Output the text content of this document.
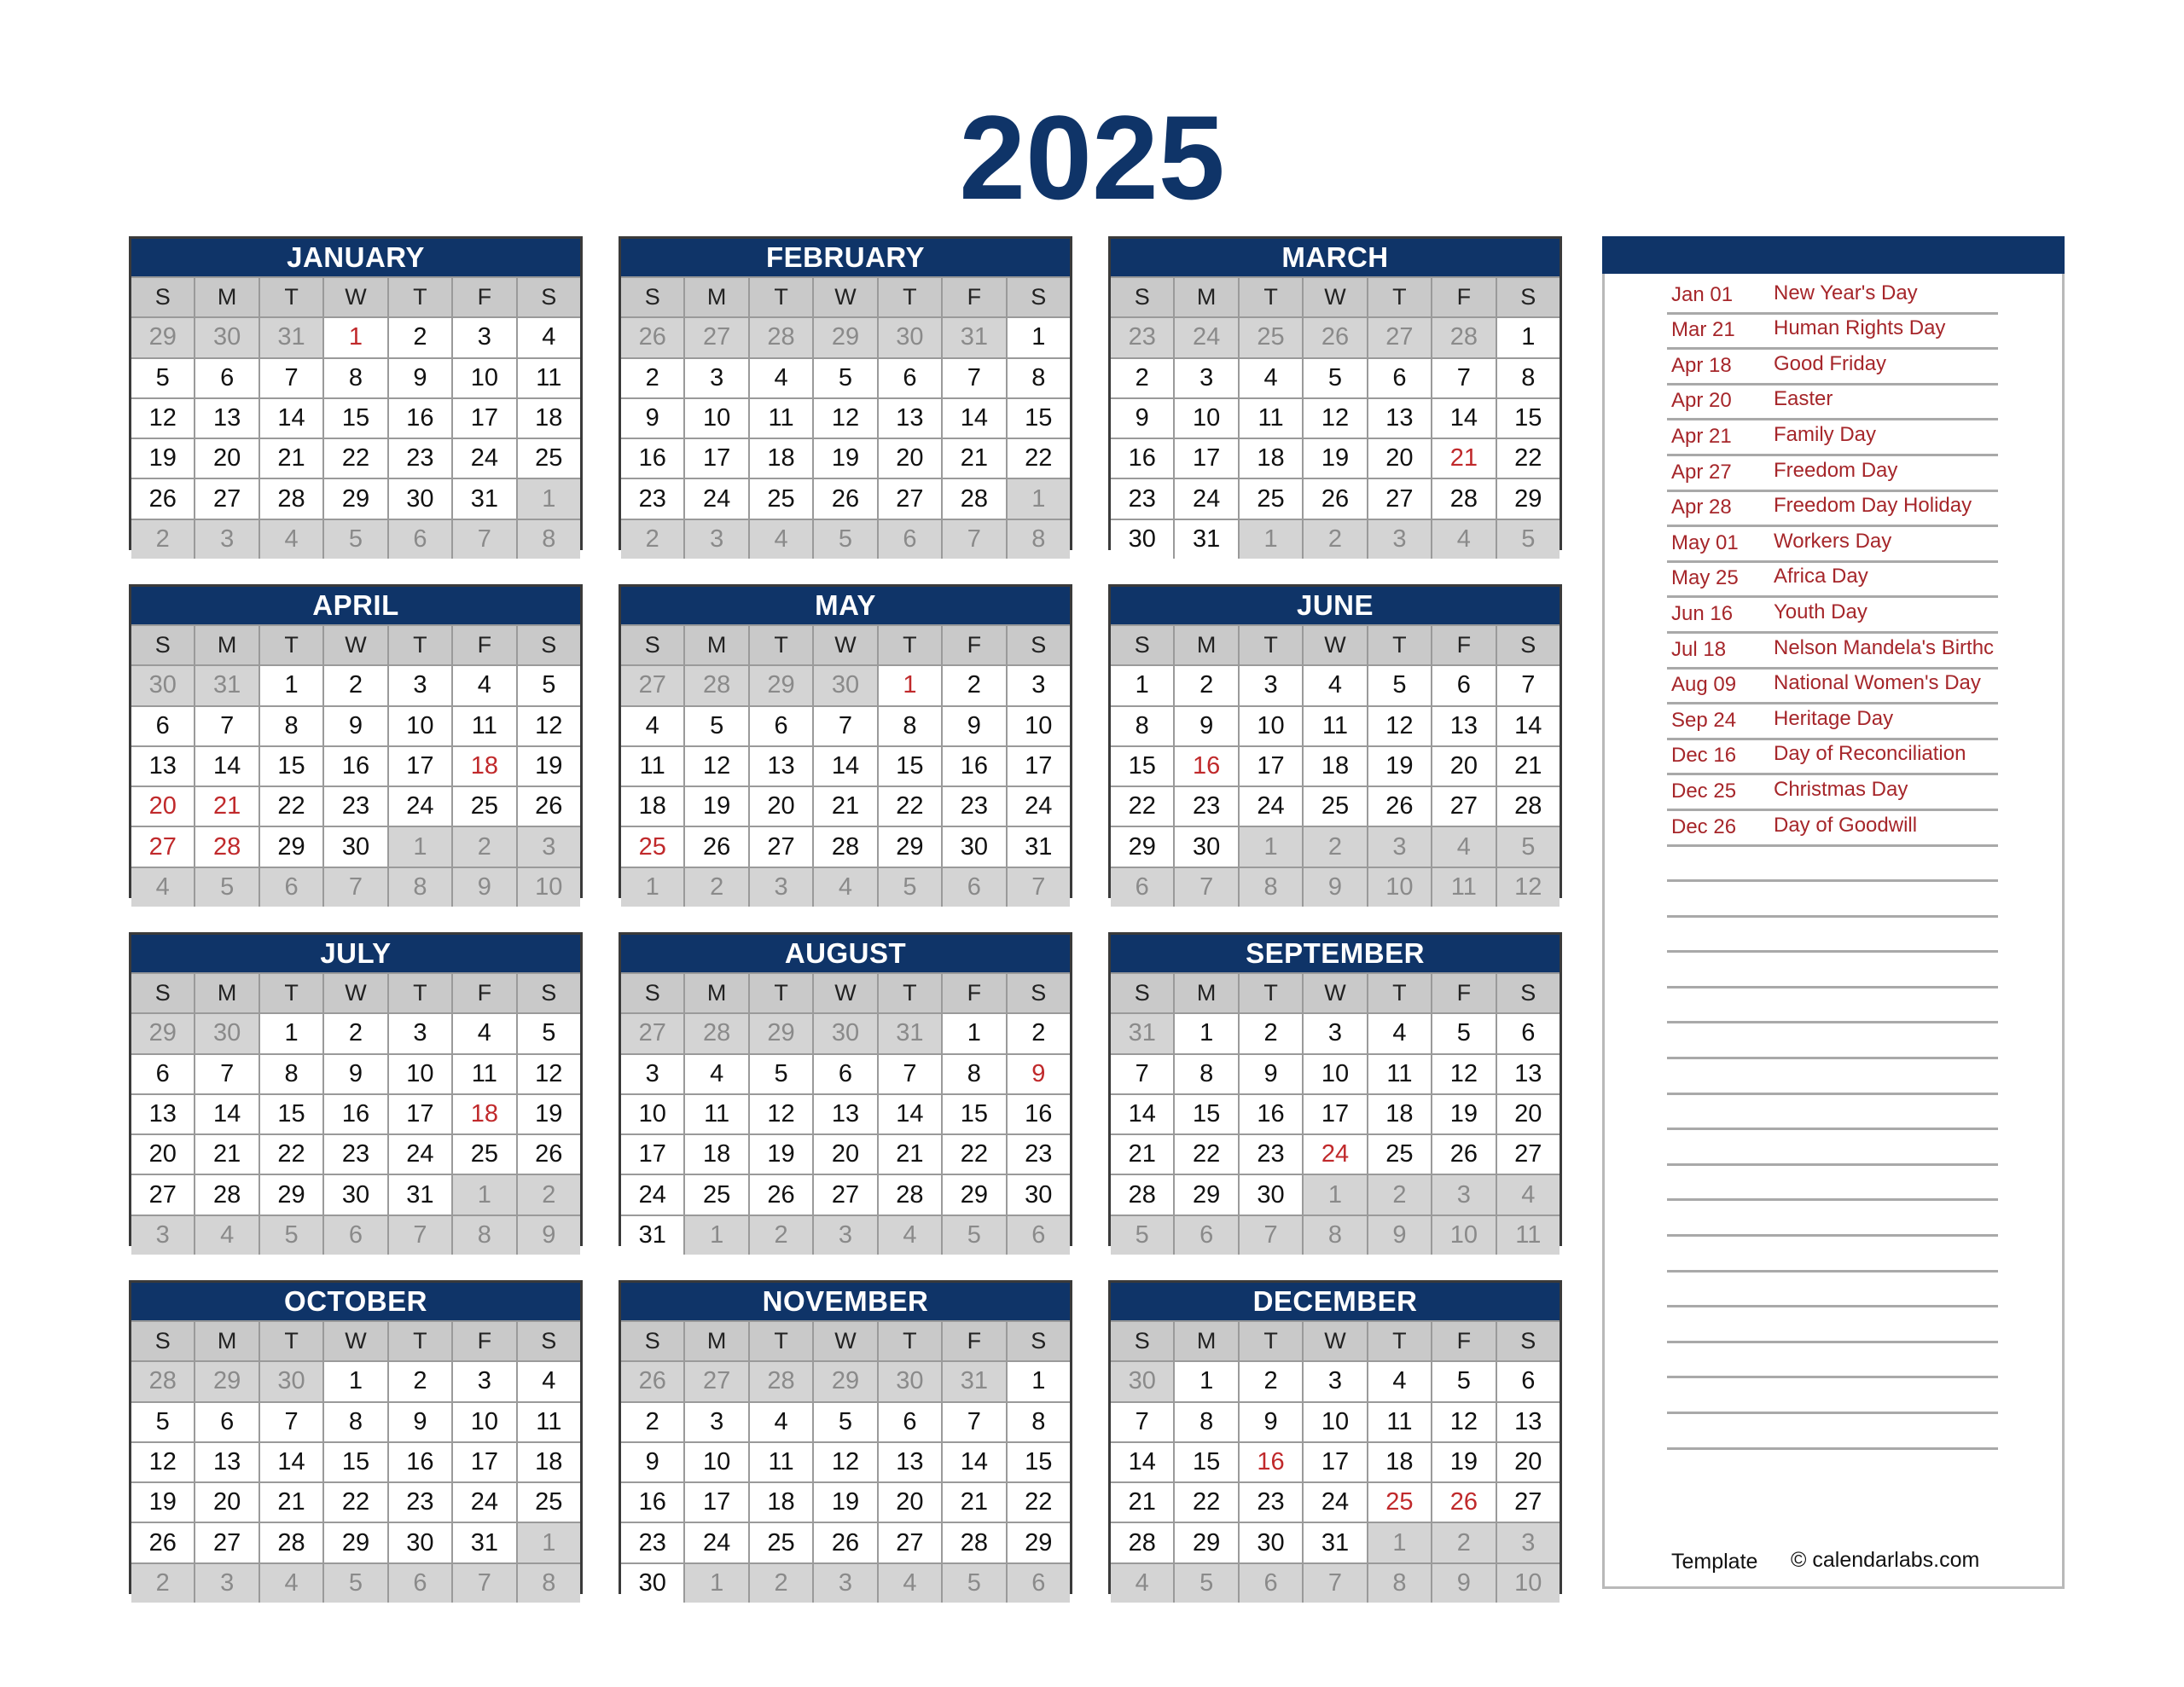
2025
JANUARY
S	M	T	W	T	F	S
29	30	31	1	2	3	4
5	6	7	8	9	10	11
12	13	14	15	16	17	18
19	20	21	22	23	24	25
26	27	28	29	30	31	1
2	3	4	5	6	7	8
FEBRUARY
S	M	T	W	T	F	S
26	27	28	29	30	31	1
2	3	4	5	6	7	8
9	10	11	12	13	14	15
16	17	18	19	20	21	22
23	24	25	26	27	28	1
2	3	4	5	6	7	8
MARCH
S	M	T	W	T	F	S
23	24	25	26	27	28	1
2	3	4	5	6	7	8
9	10	11	12	13	14	15
16	17	18	19	20	21	22
23	24	25	26	27	28	29
30	31	1	2	3	4	5
APRIL
S	M	T	W	T	F	S
30	31	1	2	3	4	5
6	7	8	9	10	11	12
13	14	15	16	17	18	19
20	21	22	23	24	25	26
27	28	29	30	1	2	3
4	5	6	7	8	9	10
MAY
S	M	T	W	T	F	S
27	28	29	30	1	2	3
4	5	6	7	8	9	10
11	12	13	14	15	16	17
18	19	20	21	22	23	24
25	26	27	28	29	30	31
1	2	3	4	5	6	7
JUNE
S	M	T	W	T	F	S
1	2	3	4	5	6	7
8	9	10	11	12	13	14
15	16	17	18	19	20	21
22	23	24	25	26	27	28
29	30	1	2	3	4	5
6	7	8	9	10	11	12
JULY
S	M	T	W	T	F	S
29	30	1	2	3	4	5
6	7	8	9	10	11	12
13	14	15	16	17	18	19
20	21	22	23	24	25	26
27	28	29	30	31	1	2
3	4	5	6	7	8	9
AUGUST
S	M	T	W	T	F	S
27	28	29	30	31	1	2
3	4	5	6	7	8	9
10	11	12	13	14	15	16
17	18	19	20	21	22	23
24	25	26	27	28	29	30
31	1	2	3	4	5	6
SEPTEMBER
S	M	T	W	T	F	S
31	1	2	3	4	5	6
7	8	9	10	11	12	13
14	15	16	17	18	19	20
21	22	23	24	25	26	27
28	29	30	1	2	3	4
5	6	7	8	9	10	11
OCTOBER
S	M	T	W	T	F	S
28	29	30	1	2	3	4
5	6	7	8	9	10	11
12	13	14	15	16	17	18
19	20	21	22	23	24	25
26	27	28	29	30	31	1
2	3	4	5	6	7	8
NOVEMBER
S	M	T	W	T	F	S
26	27	28	29	30	31	1
2	3	4	5	6	7	8
9	10	11	12	13	14	15
16	17	18	19	20	21	22
23	24	25	26	27	28	29
30	1	2	3	4	5	6
DECEMBER
S	M	T	W	T	F	S
30	1	2	3	4	5	6
7	8	9	10	11	12	13
14	15	16	17	18	19	20
21	22	23	24	25	26	27
28	29	30	31	1	2	3
4	5	6	7	8	9	10
Jan 01 New Year's Day
Mar 21 Human Rights Day
Apr 18 Good Friday
Apr 20 Easter
Apr 21 Family Day
Apr 27 Freedom Day
Apr 28 Freedom Day Holiday
May 01 Workers Day
May 25 Africa Day
Jun 16 Youth Day
Jul 18 Nelson Mandela's Birthc
Aug 09 National Women's Day
Sep 24 Heritage Day
Dec 16 Day of Reconciliation
Dec 25 Christmas Day
Dec 26 Day of Goodwill
Template © calendarlabs.com
